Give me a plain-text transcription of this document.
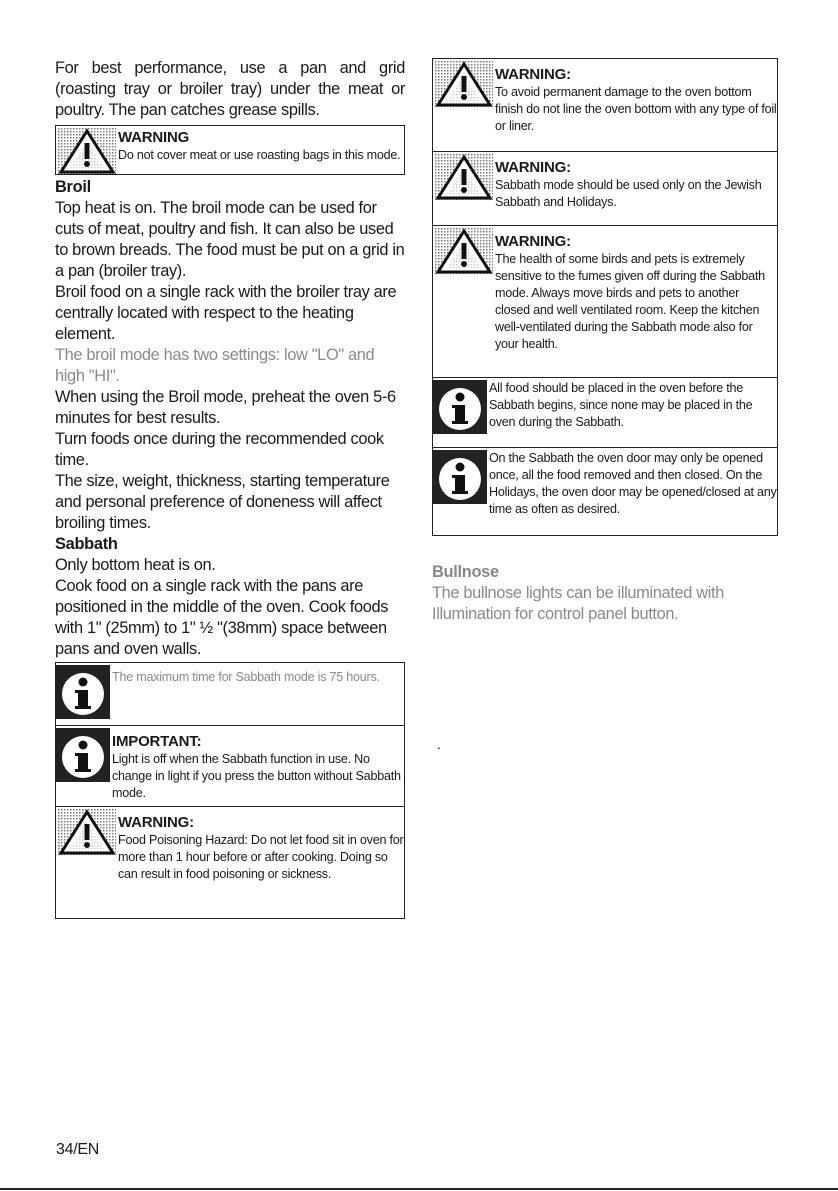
For best performance, use a pan and grid (roasting tray or broiler tray) under the meat or poultry. The pan catches grease spills.

WARNING
Do not cover meat or use roasting bags in this mode.

Broil

Top heat is on. The broil mode can be used for cuts of meat, poultry and fish. It can also be used to brown breads. The food must be put on a grid in a pan (broiler tray).

Broil food on a single rack with the broiler tray are centrally located with respect to the heating element.

The broil mode has two settings: low "LO" and high "HI".

When using the Broil mode, preheat the oven 5-6 minutes for best results.

Turn foods once during the recommended cook time.

The size, weight, thickness, starting temperature and personal preference of doneness will affect broiling times.

Sabbath

Only bottom heat is on.

Cook food on a single rack with the pans are positioned in the middle of the oven. Cook foods with 1" (25mm) to 1" ½ "(38mm) space between pans and oven walls.

The maximum time for Sabbath mode is 75 hours.
IMPORTANT:
Light is off when the Sabbath function in use. No change in light if you press the button without Sabbath mode.
WARNING:
Food Poisoning Hazard: Do not let food sit in oven for more than 1 hour before or after cooking. Doing so can result in food poisoning or sickness.
WARNING:
To avoid permanent damage to the oven bottom finish do not line the oven bottom with any type of foil or liner.
WARNING:
Sabbath mode should be used only on the Jewish Sabbath and Holidays.
WARNING:
The health of some birds and pets is extremely sensitive to the fumes given off during the Sabbath mode. Always move birds and pets to another closed and well ventilated room. Keep the kitchen well-ventilated during the Sabbath mode also for your health.
All food should be placed in the oven before the Sabbath begins, since none may be placed in the oven during the Sabbath.
On the Sabbath the oven door may only be opened once, all the food removed and then closed. On the Holidays, the oven door may be opened/closed at any time as often as desired.

Bullnose

The bullnose lights can be illuminated with Illumination for control panel button.

.
34/EN
